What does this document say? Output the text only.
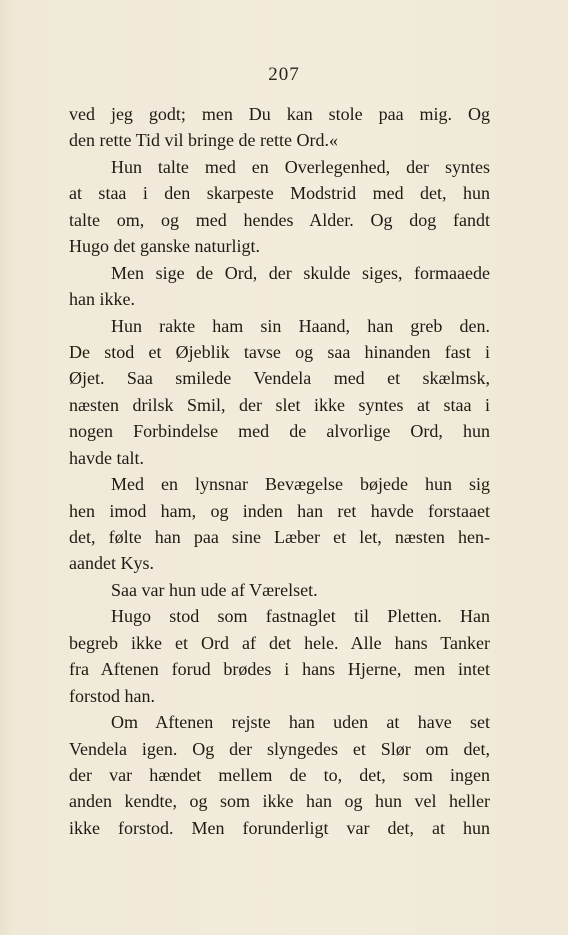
207
ved jeg godt; men Du kan stole paa mig. Og
den rette Tid vil bringe de rette Ord.«
Hun talte med en Overlegenhed, der syntes
at staa i den skarpeste Modstrid med det, hun
talte om, og med hendes Alder. Og dog fandt
Hugo det ganske naturligt.
Men sige de Ord, der skulde siges, formaaede
han ikke.
Hun rakte ham sin Haand, han greb den.
De stod et Øjeblik tavse og saa hinanden fast i
Øjet. Saa smilede Vendela med et skælmsk,
næsten drilsk Smil, der slet ikke syntes at staa i
nogen Forbindelse med de alvorlige Ord, hun
havde talt.
Med en lynsnar Bevægelse bøjede hun sig
hen imod ham, og inden han ret havde forstaaet
det, følte han paa sine Læber et let, næsten hen-
aandet Kys.
Saa var hun ude af Værelset.
Hugo stod som fastnaglet til Pletten. Han
begreb ikke et Ord af det hele. Alle hans Tanker
fra Aftenen forud brødes i hans Hjerne, men intet
forstod han.
Om Aftenen rejste han uden at have set
Vendela igen. Og der slyngedes et Slør om det,
der var hændet mellem de to, det, som ingen
anden kendte, og som ikke han og hun vel heller
ikke forstod. Men forunderligt var det, at hun
